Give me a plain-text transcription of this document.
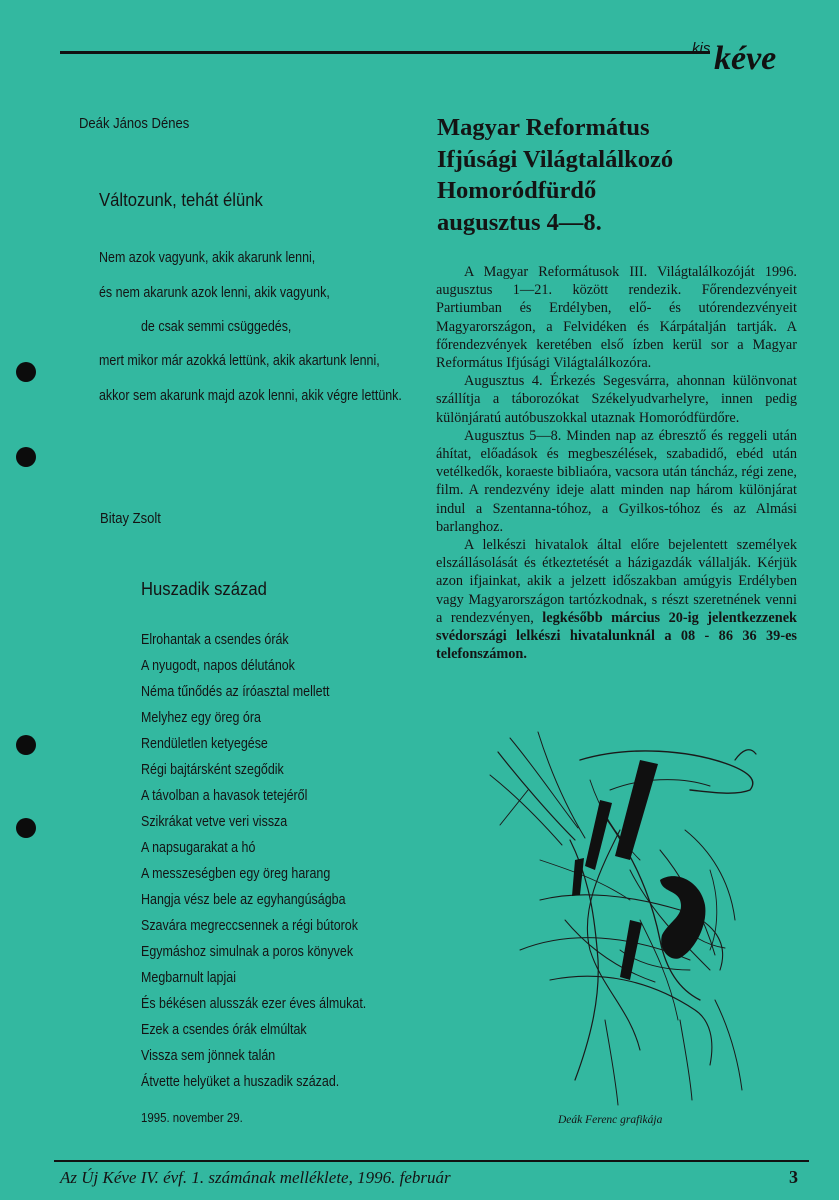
kis kéve
Deák János Dénes
Változunk, tehát élünk
Nem azok vagyunk, akik akarunk lenni,
és nem akarunk azok lenni, akik vagyunk,
de csak semmi csüggedés,
mert mikor már azokká lettünk, akik akartunk lenni,
akkor sem akarunk majd azok lenni, akik végre lettünk.
Bitay Zsolt
Huszadik század
Elrohantak a csendes órák
A nyugodt, napos délutánok
Néma tűnődés az íróasztal mellett
Melyhez egy öreg óra
Rendületlen ketyegése
Régi bajtársként szegődik
A távolban a havasok tetejéről
Szikrákat vetve veri vissza
A napsugarakat a hó
A messzeségben egy öreg harang
Hangja vész bele az egyhangúságba
Szavára megreccsennek a régi bútorok
Egymáshoz simulnak a poros könyvek
Megbarnult lapjai
És békésen alusszák ezer éves álmukat.
Ezek a csendes órák elmúltak
Vissza sem jönnek talán
Átvette helyüket a huszadik század.
1995. november 29.
Magyar Református
Ifjúsági Világtalálkozó
Homoródfürdő
augusztus 4—8.

A Magyar Reformátusok III. Világtalálkozóját 1996. augusztus 1—21. között rendezik. Főrendezvényeit Partiumban és Erdélyben, elő- és utórendezvényeit Magyarországon, a Felvidéken és Kárpátalján tartják. A főrendezvények keretében első ízben kerül sor a Magyar Református Ifjúsági Világtalálkozóra.

Augusztus 4. Érkezés Segesvárra, ahonnan különvonat szállítja a táborozókat Székelyudvarhelyre, innen pedig különjáratú autóbuszokkal utaznak Homoródfürdőre.

Augusztus 5—8. Minden nap az ébresztő és reggeli után áhítat, előadások és megbeszélések, szabadidő, ebéd után vetélkedők, koraeste bibliaóra, vacsora után táncház, régi zene, film. A rendezvény ideje alatt minden nap három különjárat indul a Szentanna-tóhoz, a Gyilkos-tóhoz és az Almási barlanghoz.

A lelkészi hivatalok által előre bejelentett személyek elszállásolását és étkeztetését a házigazdák vállalják. Kérjük azon ifjainkat, akik a jelzett időszakban amúgyis Erdélyben vagy Magyarországon tartózkodnak, s részt szeretnének venni a rendezvényen, legkésőbb március 20-ig jelentkezzenek svédországi lelkészi hivatalunknál a 08 - 86 36 39-es telefonszámon.

Deák Ferenc grafikája
Az Új Kéve IV. évf. 1. számának melléklete, 1996. február	3
